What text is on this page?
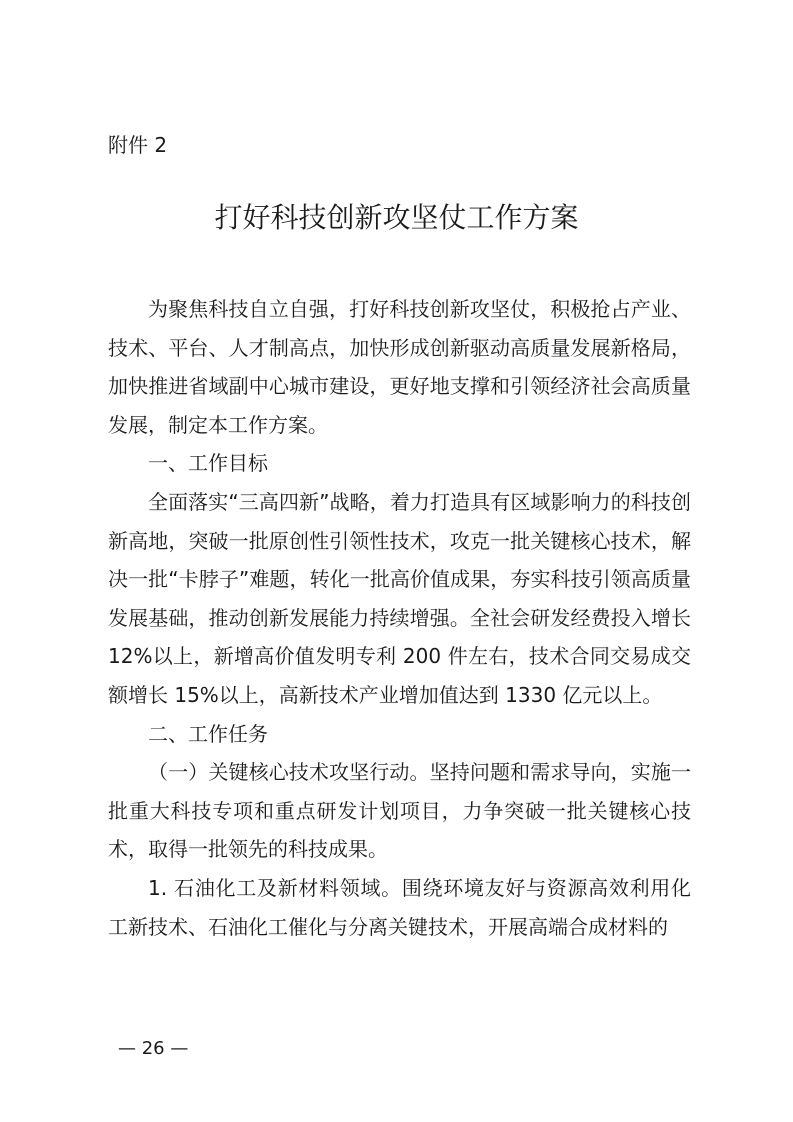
附件 2

打好科技创新攻坚仗工作方案

为聚焦科技自立自强，打好科技创新攻坚仗，积极抢占产业、技术、平台、人才制高点，加快形成创新驱动高质量发展新格局，加快推进省域副中心城市建设，更好地支撑和引领经济社会高质量发展，制定本工作方案。

一、工作目标

全面落实“三高四新”战略，着力打造具有区域影响力的科技创新高地，突破一批原创性引领性技术，攻克一批关键核心技术，解决一批“卡脖子”难题，转化一批高价值成果，夯实科技引领高质量发展基础，推动创新发展能力持续增强。全社会研发经费投入增长 12%以上，新增高价值发明专利 200 件左右，技术合同交易成交额增长 15%以上，高新技术产业增加值达到 1330 亿元以上。

二、工作任务

（一）关键核心技术攻坚行动。坚持问题和需求导向，实施一批重大科技专项和重点研发计划项目，力争突破一批关键核心技术，取得一批领先的科技成果。

1. 石油化工及新材料领域。围绕环境友好与资源高效利用化工新技术、石油化工催化与分离关键技术，开展高端合成材料的

— 26 —
